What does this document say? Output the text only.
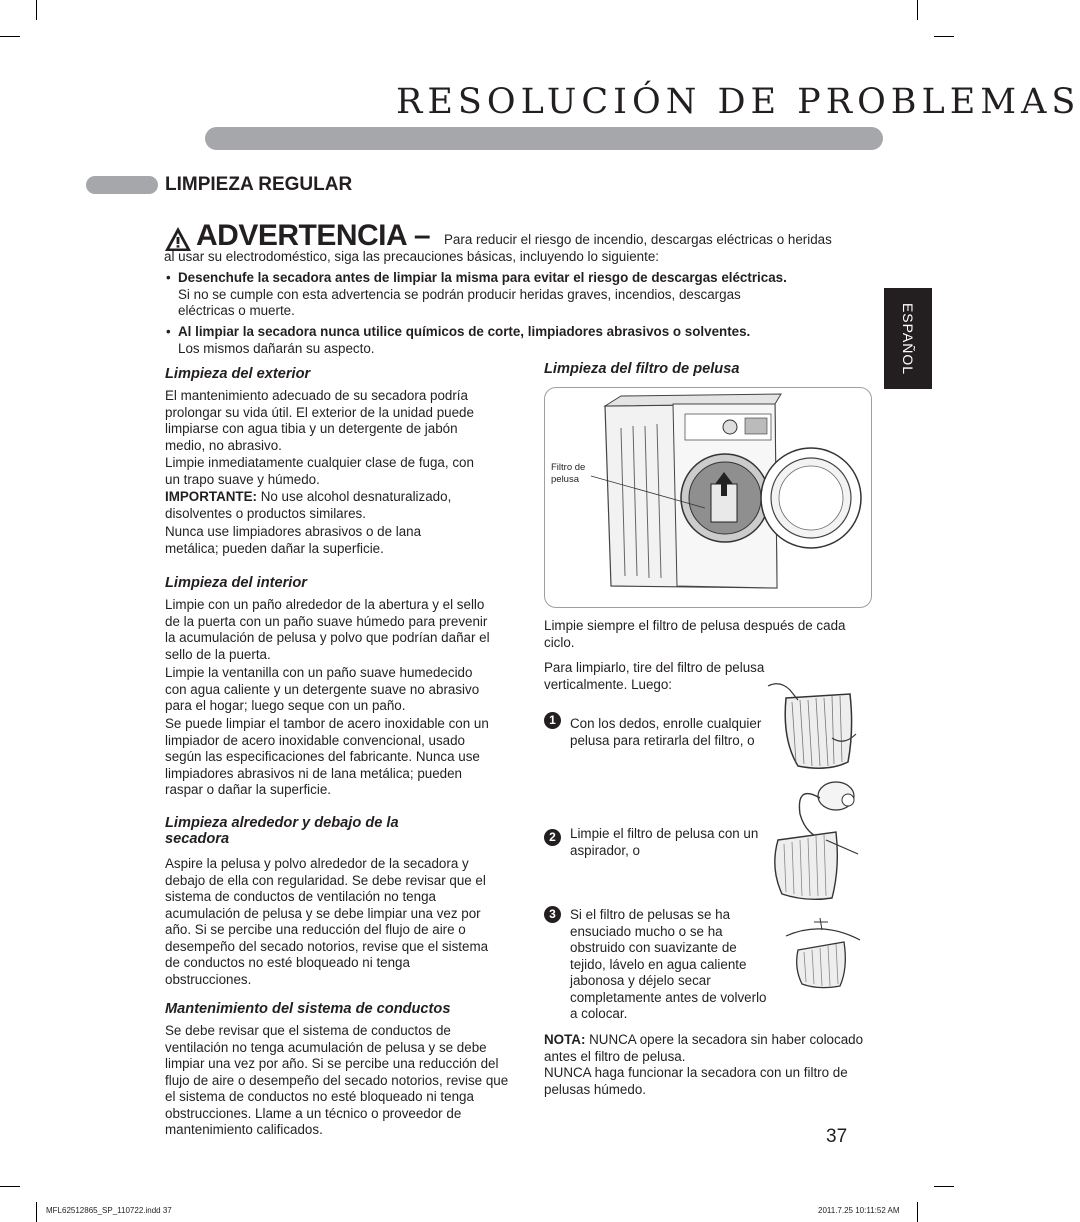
RESOLUCIÓN DE PROBLEMAS
LIMPIEZA REGULAR
ESPAÑOL
ADVERTENCIA – Para reducir el riesgo de incendio, descargas eléctricas o heridas
al usar su electrodoméstico, siga las precauciones básicas, incluyendo lo siguiente:
• Desenchufe la secadora antes de limpiar la misma para evitar el riesgo de descargas eléctricas.
Si no se cumple con esta advertencia se podrán producir heridas graves, incendios, descargas
eléctricas o muerte.
• Al limpiar la secadora nunca utilice químicos de corte, limpiadores abrasivos o solventes.
Los mismos dañarán su aspecto.
Limpieza del exterior
El mantenimiento adecuado de su secadora podría prolongar su vida útil. El exterior de la unidad puede limpiarse con agua tibia y un detergente de jabón medio, no abrasivo.
Limpie inmediatamente cualquier clase de fuga, con un trapo suave y húmedo.
IMPORTANTE: No use alcohol desnaturalizado, disolventes o productos similares.
Nunca use limpiadores abrasivos o de lana metálica; pueden dañar la superficie.
Limpieza del interior
Limpie con un paño alrededor de la abertura y el sello de la puerta con un paño suave húmedo para prevenir la acumulación de pelusa y polvo que podrían dañar el sello de la puerta.
Limpie la ventanilla con un paño suave humedecido con agua caliente y un detergente suave no abrasivo para el hogar; luego seque con un paño.
Se puede limpiar el tambor de acero inoxidable con un limpiador de acero inoxidable convencional, usado según las especificaciones del fabricante. Nunca use limpiadores abrasivos ni de lana metálica; pueden raspar o dañar la superficie.
Limpieza alrededor y debajo de la secadora
Aspire la pelusa y polvo alrededor de la secadora y debajo de ella con regularidad. Se debe revisar que el sistema de conductos de ventilación no tenga acumulación de pelusa y se debe limpiar una vez por año. Si se percibe una reducción del flujo de aire o desempeño del secado notorios, revise que el sistema de conductos no esté bloqueado ni tenga obstrucciones.
Mantenimiento del sistema de conductos
Se debe revisar que el sistema de conductos de ventilación no tenga acumulación de pelusa y se debe limpiar una vez por año. Si se percibe una reducción del flujo de aire o desempeño del secado notorios, revise que el sistema de conductos no esté bloqueado ni tenga obstrucciones. Llame a un técnico o proveedor de mantenimiento calificados.
Limpieza del filtro de pelusa
Filtro de
pelusa
Limpie siempre el filtro de pelusa después de cada ciclo.
Para limpiarlo, tire del filtro de pelusa verticalmente. Luego:
1	Con los dedos, enrolle cualquier pelusa para retirarla del filtro, o
2	Limpie el filtro de pelusa con un aspirador, o
3	Si el filtro de pelusas se ha ensuciado mucho o se ha obstruido con suavizante de tejido, lávelo en agua caliente jabonosa y déjelo secar completamente antes de volverlo a colocar.
NOTA: NUNCA opere la secadora sin haber colocado antes el filtro de pelusa.
NUNCA haga funcionar la secadora con un filtro de pelusas húmedo.
37
MFL62512865_SP_110722.indd 37	2011.7.25 10:11:52 AM
